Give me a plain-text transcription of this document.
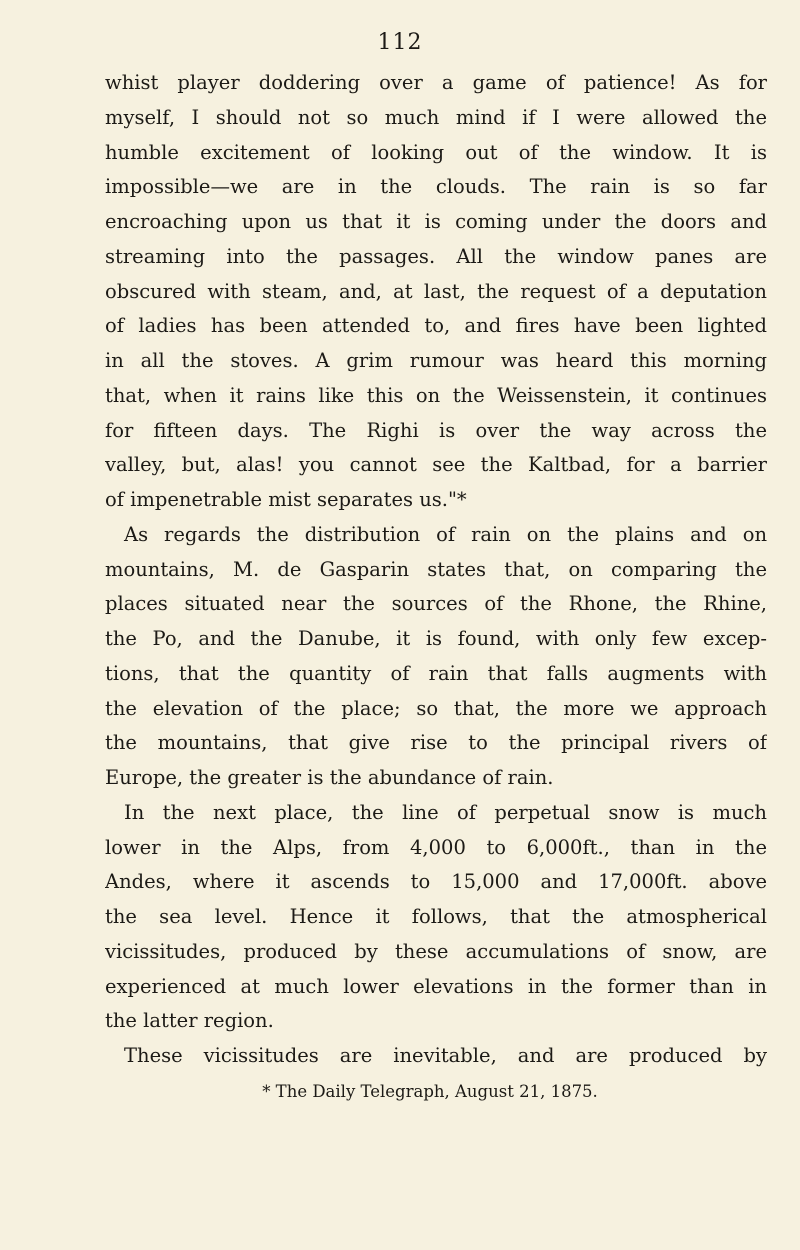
112
whist player doddering over a game of patience! As for
myself, I should not so much mind if I were allowed the
humble excitement of looking out of the window. It is
impossible—we are in the clouds. The rain is so far
encroaching upon us that it is coming under the doors and
streaming into the passages. All the window panes are
obscured with steam, and, at last, the request of a deputation
of ladies has been attended to, and fires have been lighted
in all the stoves. A grim rumour was heard this morning
that, when it rains like this on the Weissenstein, it continues
for fifteen days. The Righi is over the way across the
valley, but, alas! you cannot see the Kaltbad, for a barrier
of impenetrable mist separates us."*
As regards the distribution of rain on the plains and on
mountains, M. de Gasparin states that, on comparing the
places situated near the sources of the Rhone, the Rhine,
the Po, and the Danube, it is found, with only few excep-
tions, that the quantity of rain that falls augments with
the elevation of the place; so that, the more we approach
the mountains, that give rise to the principal rivers of
Europe, the greater is the abundance of rain.
In the next place, the line of perpetual snow is much
lower in the Alps, from 4,000 to 6,000ft., than in the
Andes, where it ascends to 15,000 and 17,000ft. above
the sea level. Hence it follows, that the atmospherical
vicissitudes, produced by these accumulations of snow, are
experienced at much lower elevations in the former than in
the latter region.
These vicissitudes are inevitable, and are produced by
* The Daily Telegraph, August 21, 1875.
